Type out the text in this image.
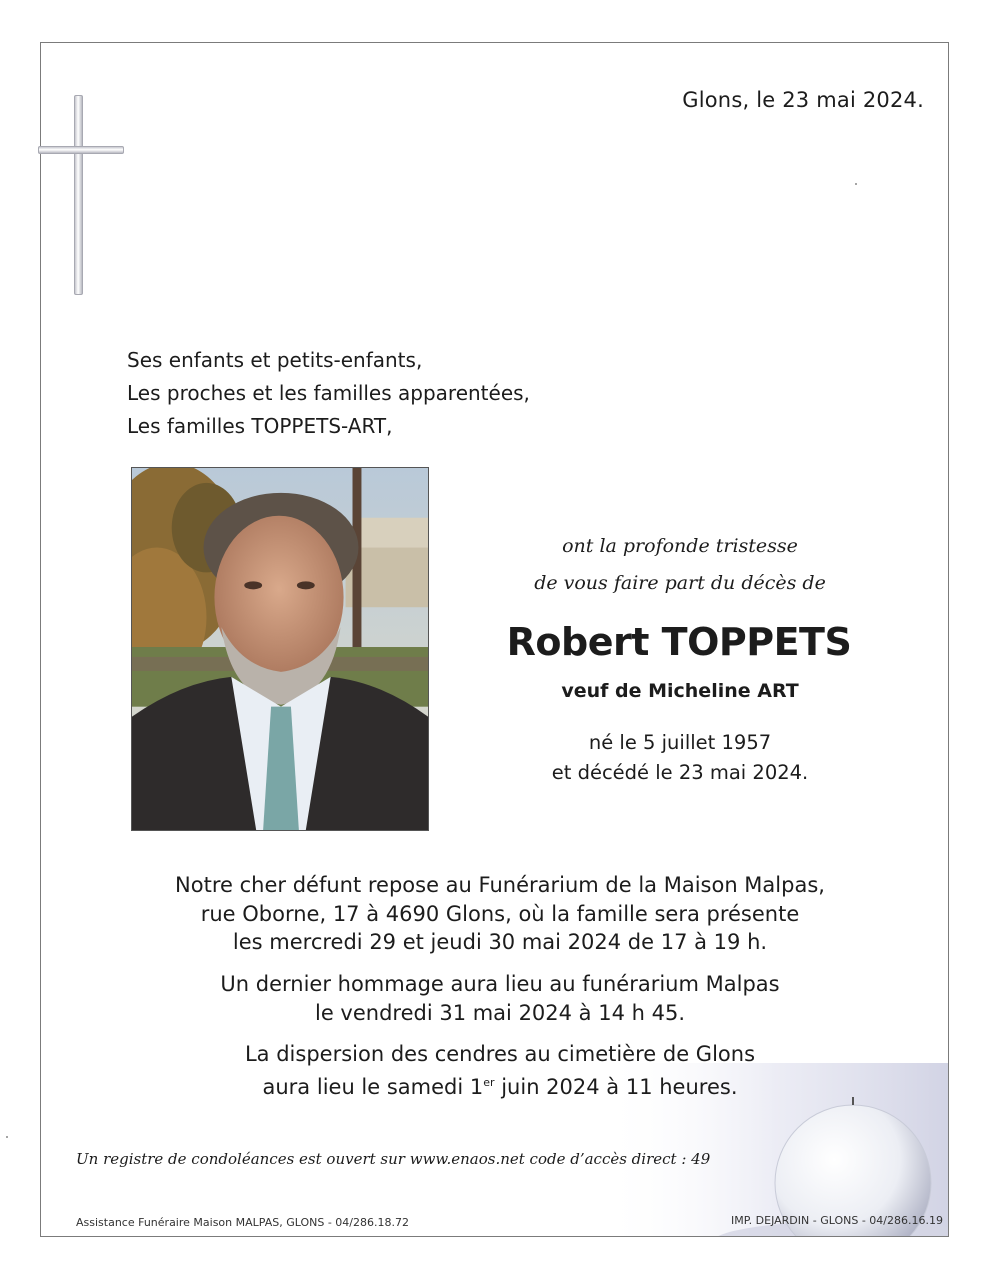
Glons, le 23 mai 2024.
Ses enfants et petits-enfants,
Les proches et les familles apparentées,
Les familles TOPPETS-ART,
ont la profonde tristesse
de vous faire part du décès de
Robert TOPPETS
veuf de Micheline ART
né le 5 juillet 1957
et décédé le 23 mai 2024.
Notre cher défunt repose au Funérarium de la Maison Malpas,
rue Oborne, 17 à 4690 Glons, où la famille sera présente
les mercredi 29 et jeudi 30 mai 2024 de 17 à 19 h.
Un dernier hommage aura lieu au funérarium Malpas
le vendredi 31 mai 2024 à 14 h 45.
La dispersion des cendres au cimetière de Glons
aura lieu le samedi 1er juin 2024 à 11 heures.
Un registre de condoléances est ouvert sur www.enaos.net code d’accès direct : 49
Assistance Funéraire Maison MALPAS, GLONS - 04/286.18.72	IMP. DEJARDIN - GLONS - 04/286.16.19
